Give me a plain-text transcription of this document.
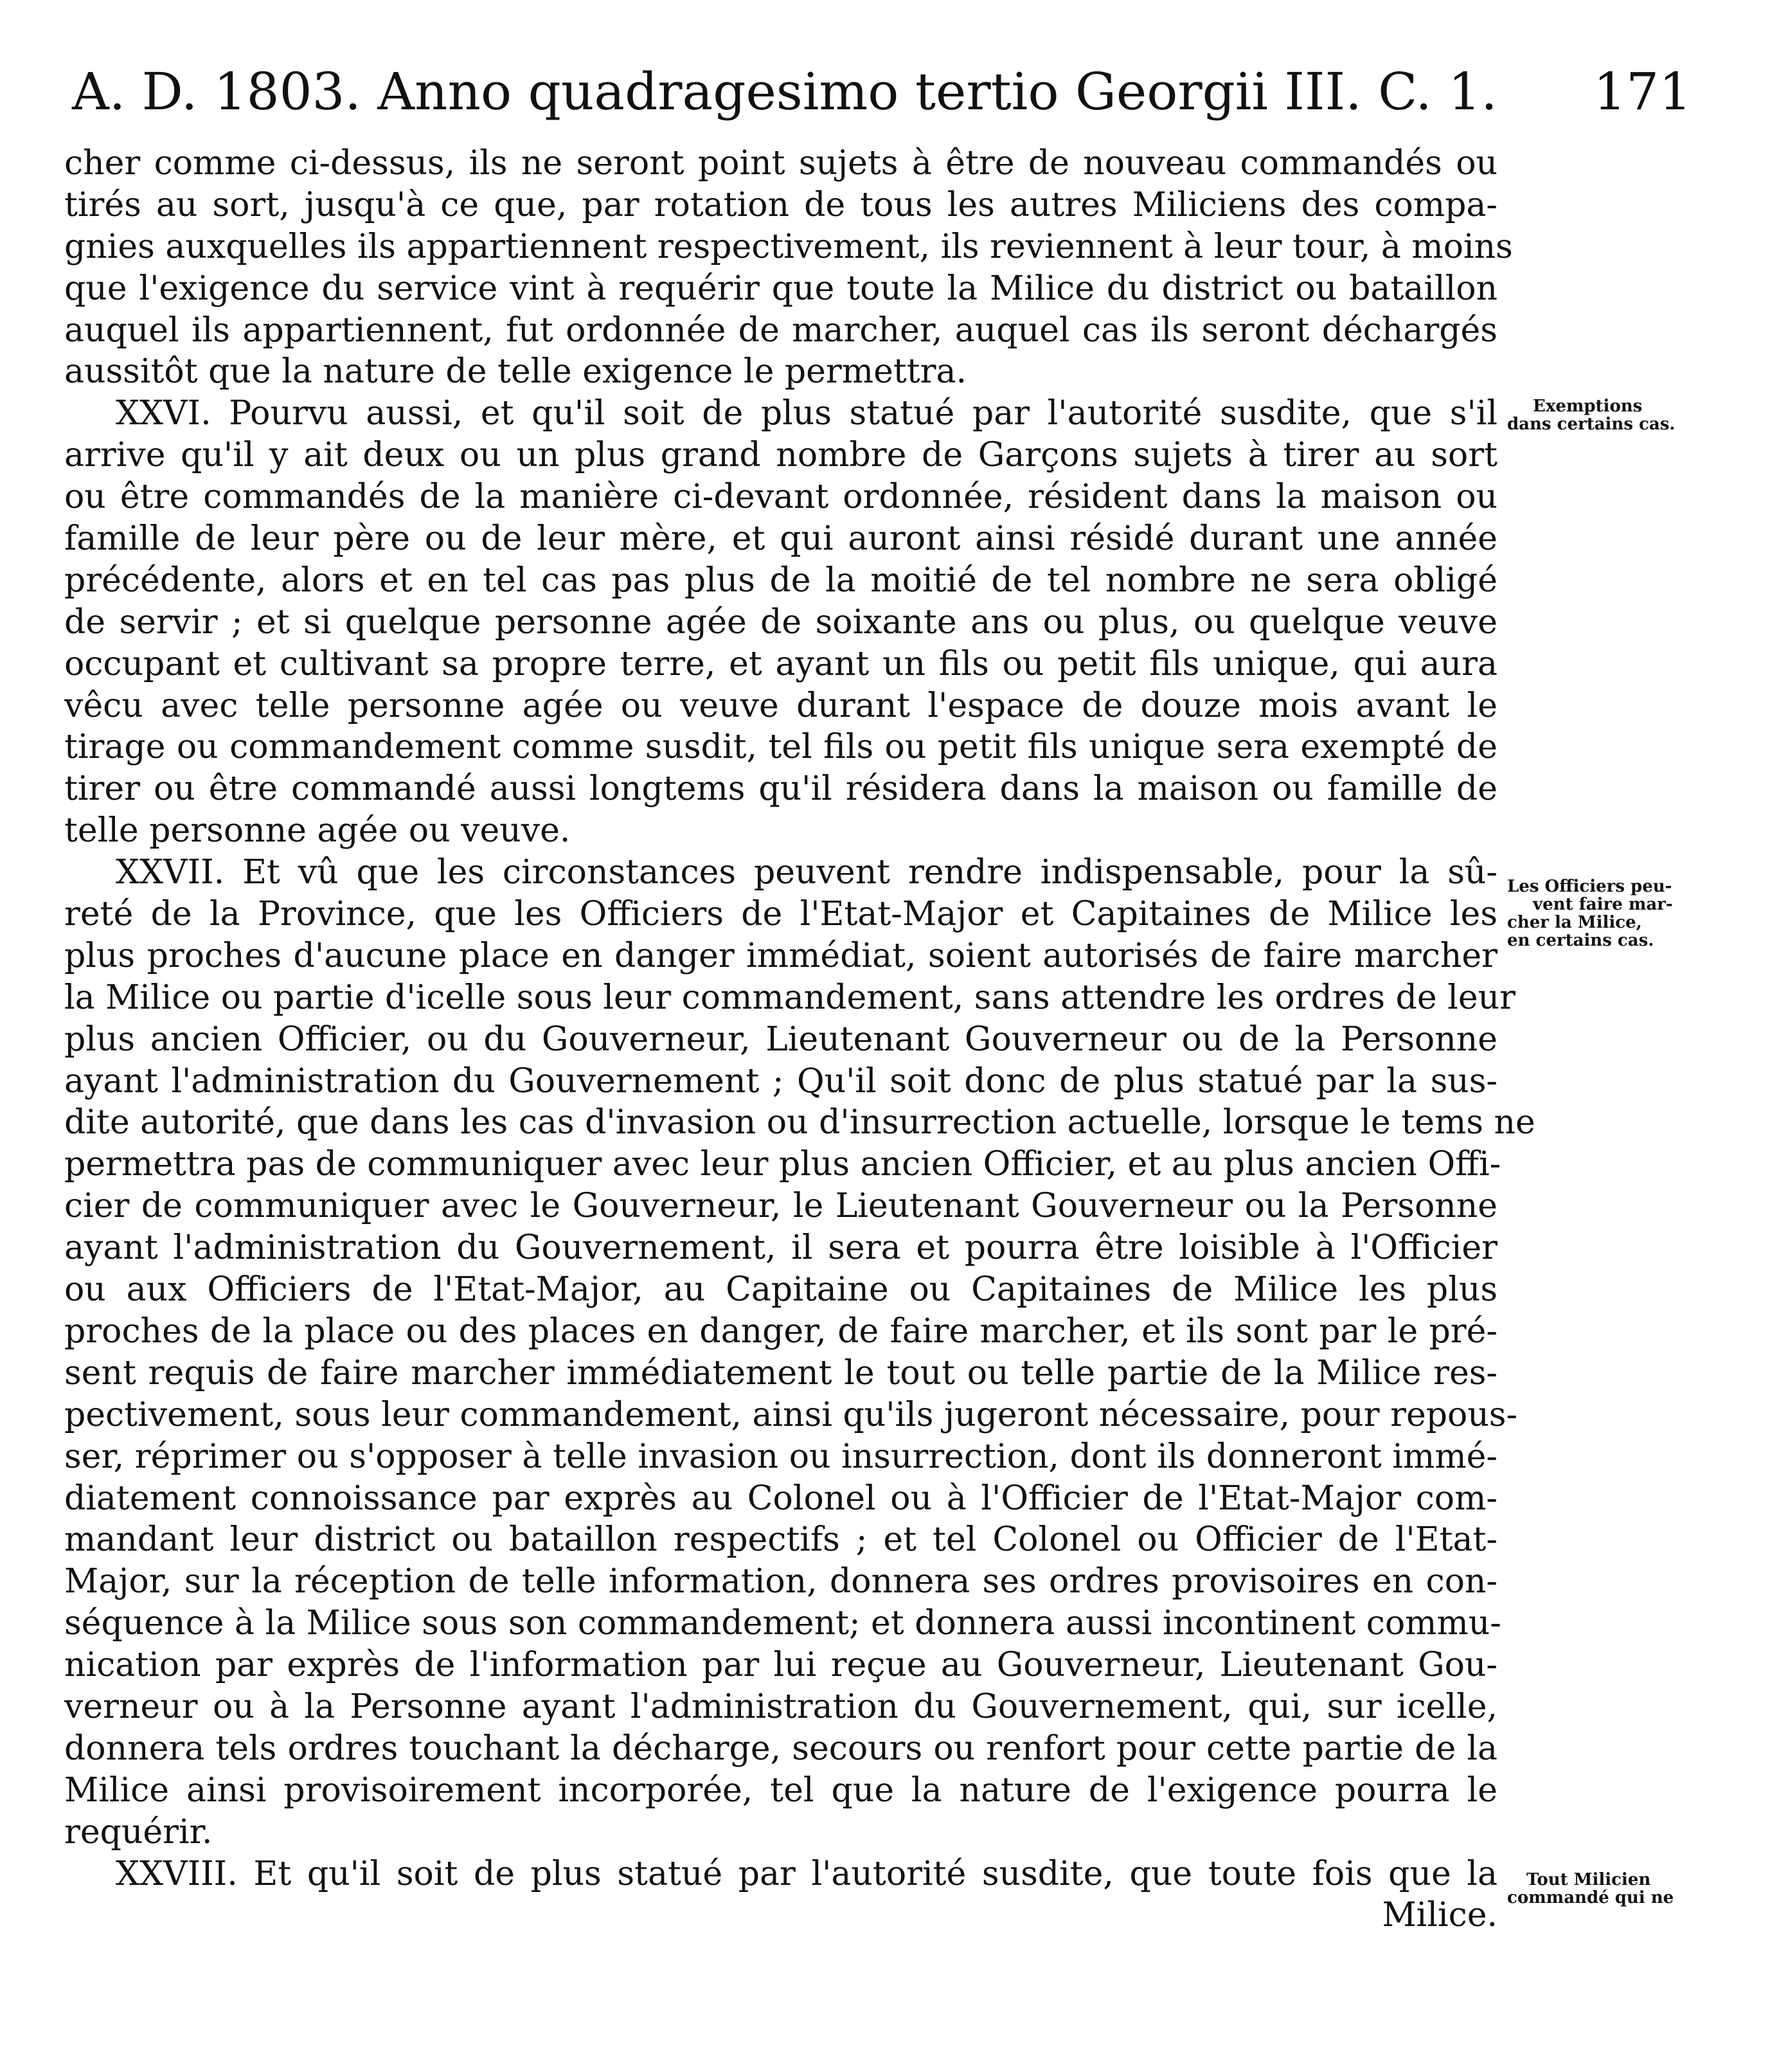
A. D. 1803. Anno quadragesimo tertio Georgii III. C. 1. 171
cher comme ci-dessus, ils ne seront point sujets à être de nouveau commandés ou
tirés au sort, jusqu'à ce que, par rotation de tous les autres Miliciens des compa-
gnies auxquelles ils appartiennent respectivement, ils reviennent à leur tour, à moins
que l'exigence du service vint à requérir que toute la Milice du district ou bataillon
auquel ils appartiennent, fut ordonnée de marcher, auquel cas ils seront déchargés
aussitôt que la nature de telle exigence le permettra.
XXVI. Pourvu aussi, et qu'il soit de plus statué par l'autorité susdite, que s'il
arrive qu'il y ait deux ou un plus grand nombre de Garçons sujets à tirer au sort
ou être commandés de la manière ci-devant ordonnée, résident dans la maison ou
famille de leur père ou de leur mère, et qui auront ainsi résidé durant une année
précédente, alors et en tel cas pas plus de la moitié de tel nombre ne sera obligé
de servir ; et si quelque personne agée de soixante ans ou plus, ou quelque veuve
occupant et cultivant sa propre terre, et ayant un fils ou petit fils unique, qui aura
vêcu avec telle personne agée ou veuve durant l'espace de douze mois avant le
tirage ou commandement comme susdit, tel fils ou petit fils unique sera exempté de
tirer ou être commandé aussi longtems qu'il résidera dans la maison ou famille de
telle personne agée ou veuve.
XXVII. Et vû que les circonstances peuvent rendre indispensable, pour la sû-
reté de la Province, que les Officiers de l'Etat-Major et Capitaines de Milice les
plus proches d'aucune place en danger immédiat, soient autorisés de faire marcher
la Milice ou partie d'icelle sous leur commandement, sans attendre les ordres de leur
plus ancien Officier, ou du Gouverneur, Lieutenant Gouverneur ou de la Personne
ayant l'administration du Gouvernement ; Qu'il soit donc de plus statué par la sus-
dite autorité, que dans les cas d'invasion ou d'insurrection actuelle, lorsque le tems ne
permettra pas de communiquer avec leur plus ancien Officier, et au plus ancien Offi-
cier de communiquer avec le Gouverneur, le Lieutenant Gouverneur ou la Personne
ayant l'administration du Gouvernement, il sera et pourra être loisible à l'Officier
ou aux Officiers de l'Etat-Major, au Capitaine ou Capitaines de Milice les plus
proches de la place ou des places en danger, de faire marcher, et ils sont par le pré-
sent requis de faire marcher immédiatement le tout ou telle partie de la Milice res-
pectivement, sous leur commandement, ainsi qu'ils jugeront nécessaire, pour repous-
ser, réprimer ou s'opposer à telle invasion ou insurrection, dont ils donneront immé-
diatement connoissance par exprès au Colonel ou à l'Officier de l'Etat-Major com-
mandant leur district ou bataillon respectifs ; et tel Colonel ou Officier de l'Etat-
Major, sur la réception de telle information, donnera ses ordres provisoires en con-
séquence à la Milice sous son commandement; et donnera aussi incontinent commu-
nication par exprès de l'information par lui reçue au Gouverneur, Lieutenant Gou-
verneur ou à la Personne ayant l'administration du Gouvernement, qui, sur icelle,
donnera tels ordres touchant la décharge, secours ou renfort pour cette partie de la
Milice ainsi provisoirement incorporée, tel que la nature de l'exigence pourra le
requérir.
XXVIII. Et qu'il soit de plus statué par l'autorité susdite, que toute fois que la
Milice.
Exemptions
dans certains cas.
Les Officiers peu-
vent faire mar-
cher la Milice,
en certains cas.
Tout Milicien
commandé qui ne
